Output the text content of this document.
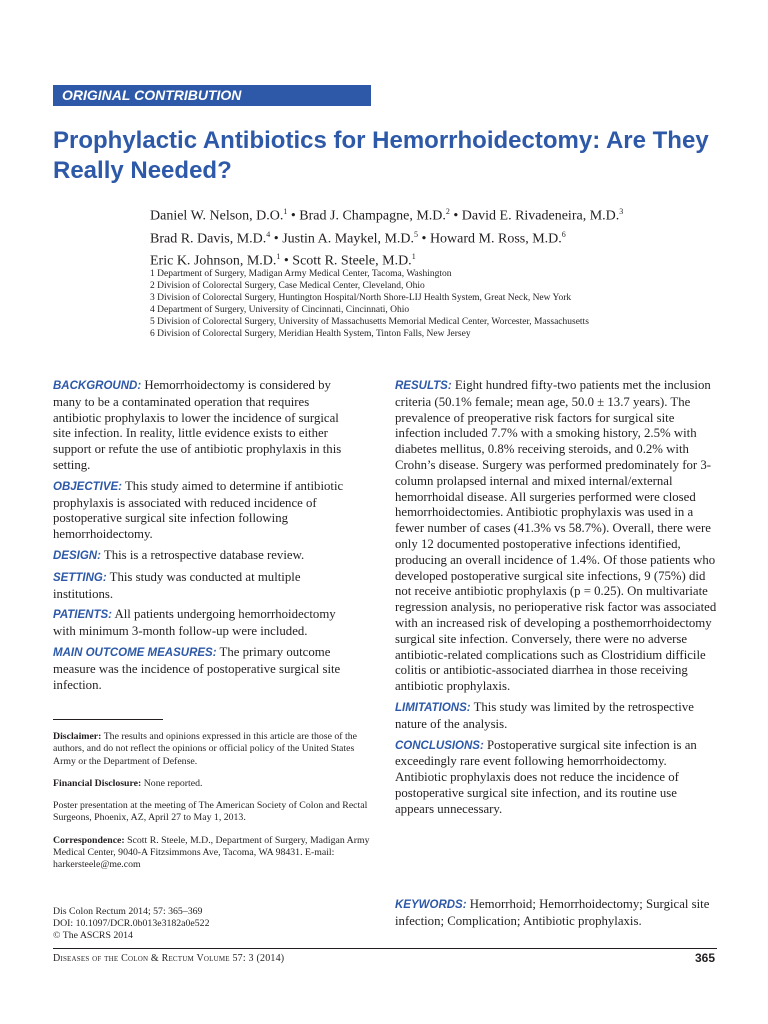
ORIGINAL CONTRIBUTION
Prophylactic Antibiotics for Hemorrhoidectomy: Are They Really Needed?
Daniel W. Nelson, D.O.$^1$ • Brad J. Champagne, M.D.$^2$ • David E. Rivadeneira, M.D.$^3$
Brad R. Davis, M.D.$^4$ • Justin A. Maykel, M.D.$^5$ • Howard M. Ross, M.D.$^6$
Eric K. Johnson, M.D.$^1$ • Scott R. Steele, M.D.$^1$
1 Department of Surgery, Madigan Army Medical Center, Tacoma, Washington
2 Division of Colorectal Surgery, Case Medical Center, Cleveland, Ohio
3 Division of Colorectal Surgery, Huntington Hospital/North Shore-LIJ Health System, Great Neck, New York
4 Department of Surgery, University of Cincinnati, Cincinnati, Ohio
5 Division of Colorectal Surgery, University of Massachusetts Memorial Medical Center, Worcester, Massachusetts
6 Division of Colorectal Surgery, Meridian Health System, Tinton Falls, New Jersey

BACKGROUND: Hemorrhoidectomy is considered by many to be a contaminated operation that requires antibiotic prophylaxis to lower the incidence of surgical site infection. In reality, little evidence exists to either support or refute the use of antibiotic prophylaxis in this setting.

OBJECTIVE: This study aimed to determine if antibiotic prophylaxis is associated with reduced incidence of postoperative surgical site infection following hemorrhoidectomy.

DESIGN: This is a retrospective database review.

SETTING: This study was conducted at multiple institutions.

PATIENTS: All patients undergoing hemorrhoidectomy with minimum 3-month follow-up were included.

MAIN OUTCOME MEASURES: The primary outcome measure was the incidence of postoperative surgical site infection.

RESULTS: Eight hundred fifty-two patients met the inclusion criteria (50.1% female; mean age, 50.0 ± 13.7 years). The prevalence of preoperative risk factors for surgical site infection included 7.7% with a smoking history, 2.5% with diabetes mellitus, 0.8% receiving steroids, and 0.2% with Crohn’s disease. Surgery was performed predominately for 3-column prolapsed internal and mixed internal/external hemorrhoidal disease. All surgeries performed were closed hemorrhoidectomies. Antibiotic prophylaxis was used in a fewer number of cases (41.3% vs 58.7%). Overall, there were only 12 documented postoperative infections identified, producing an overall incidence of 1.4%. Of those patients who developed postoperative surgical site infections, 9 (75%) did not receive antibiotic prophylaxis (p = 0.25). On multivariate regression analysis, no perioperative risk factor was associated with an increased risk of developing a posthemorrhoidectomy surgical site infection. Conversely, there were no adverse antibiotic-related complications such as Clostridium difficile colitis or antibiotic-associated diarrhea in those receiving antibiotic prophylaxis.

LIMITATIONS: This study was limited by the retrospective nature of the analysis.

CONCLUSIONS: Postoperative surgical site infection is an exceedingly rare event following hemorrhoidectomy. Antibiotic prophylaxis does not reduce the incidence of postoperative surgical site infection, and its routine use appears unnecessary.

Disclaimer: The results and opinions expressed in this article are those of the authors, and do not reflect the opinions or official policy of the United States Army or the Department of Defense.

Financial Disclosure: None reported.

Poster presentation at the meeting of The American Society of Colon and Rectal Surgeons, Phoenix, AZ, April 27 to May 1, 2013.

Correspondence: Scott R. Steele, M.D., Department of Surgery, Madigan Army Medical Center, 9040-A Fitzsimmons Ave, Tacoma, WA 98431. E-mail: harkersteele@me.com

Dis Colon Rectum 2014; 57: 365–369
DOI: 10.1097/DCR.0b013e3182a0e522
© The ASCRS 2014
KEYWORDS: Hemorrhoid; Hemorrhoidectomy; Surgical site infection; Complication; Antibiotic prophylaxis.
Diseases of the Colon & Rectum Volume 57: 3 (2014)	365
